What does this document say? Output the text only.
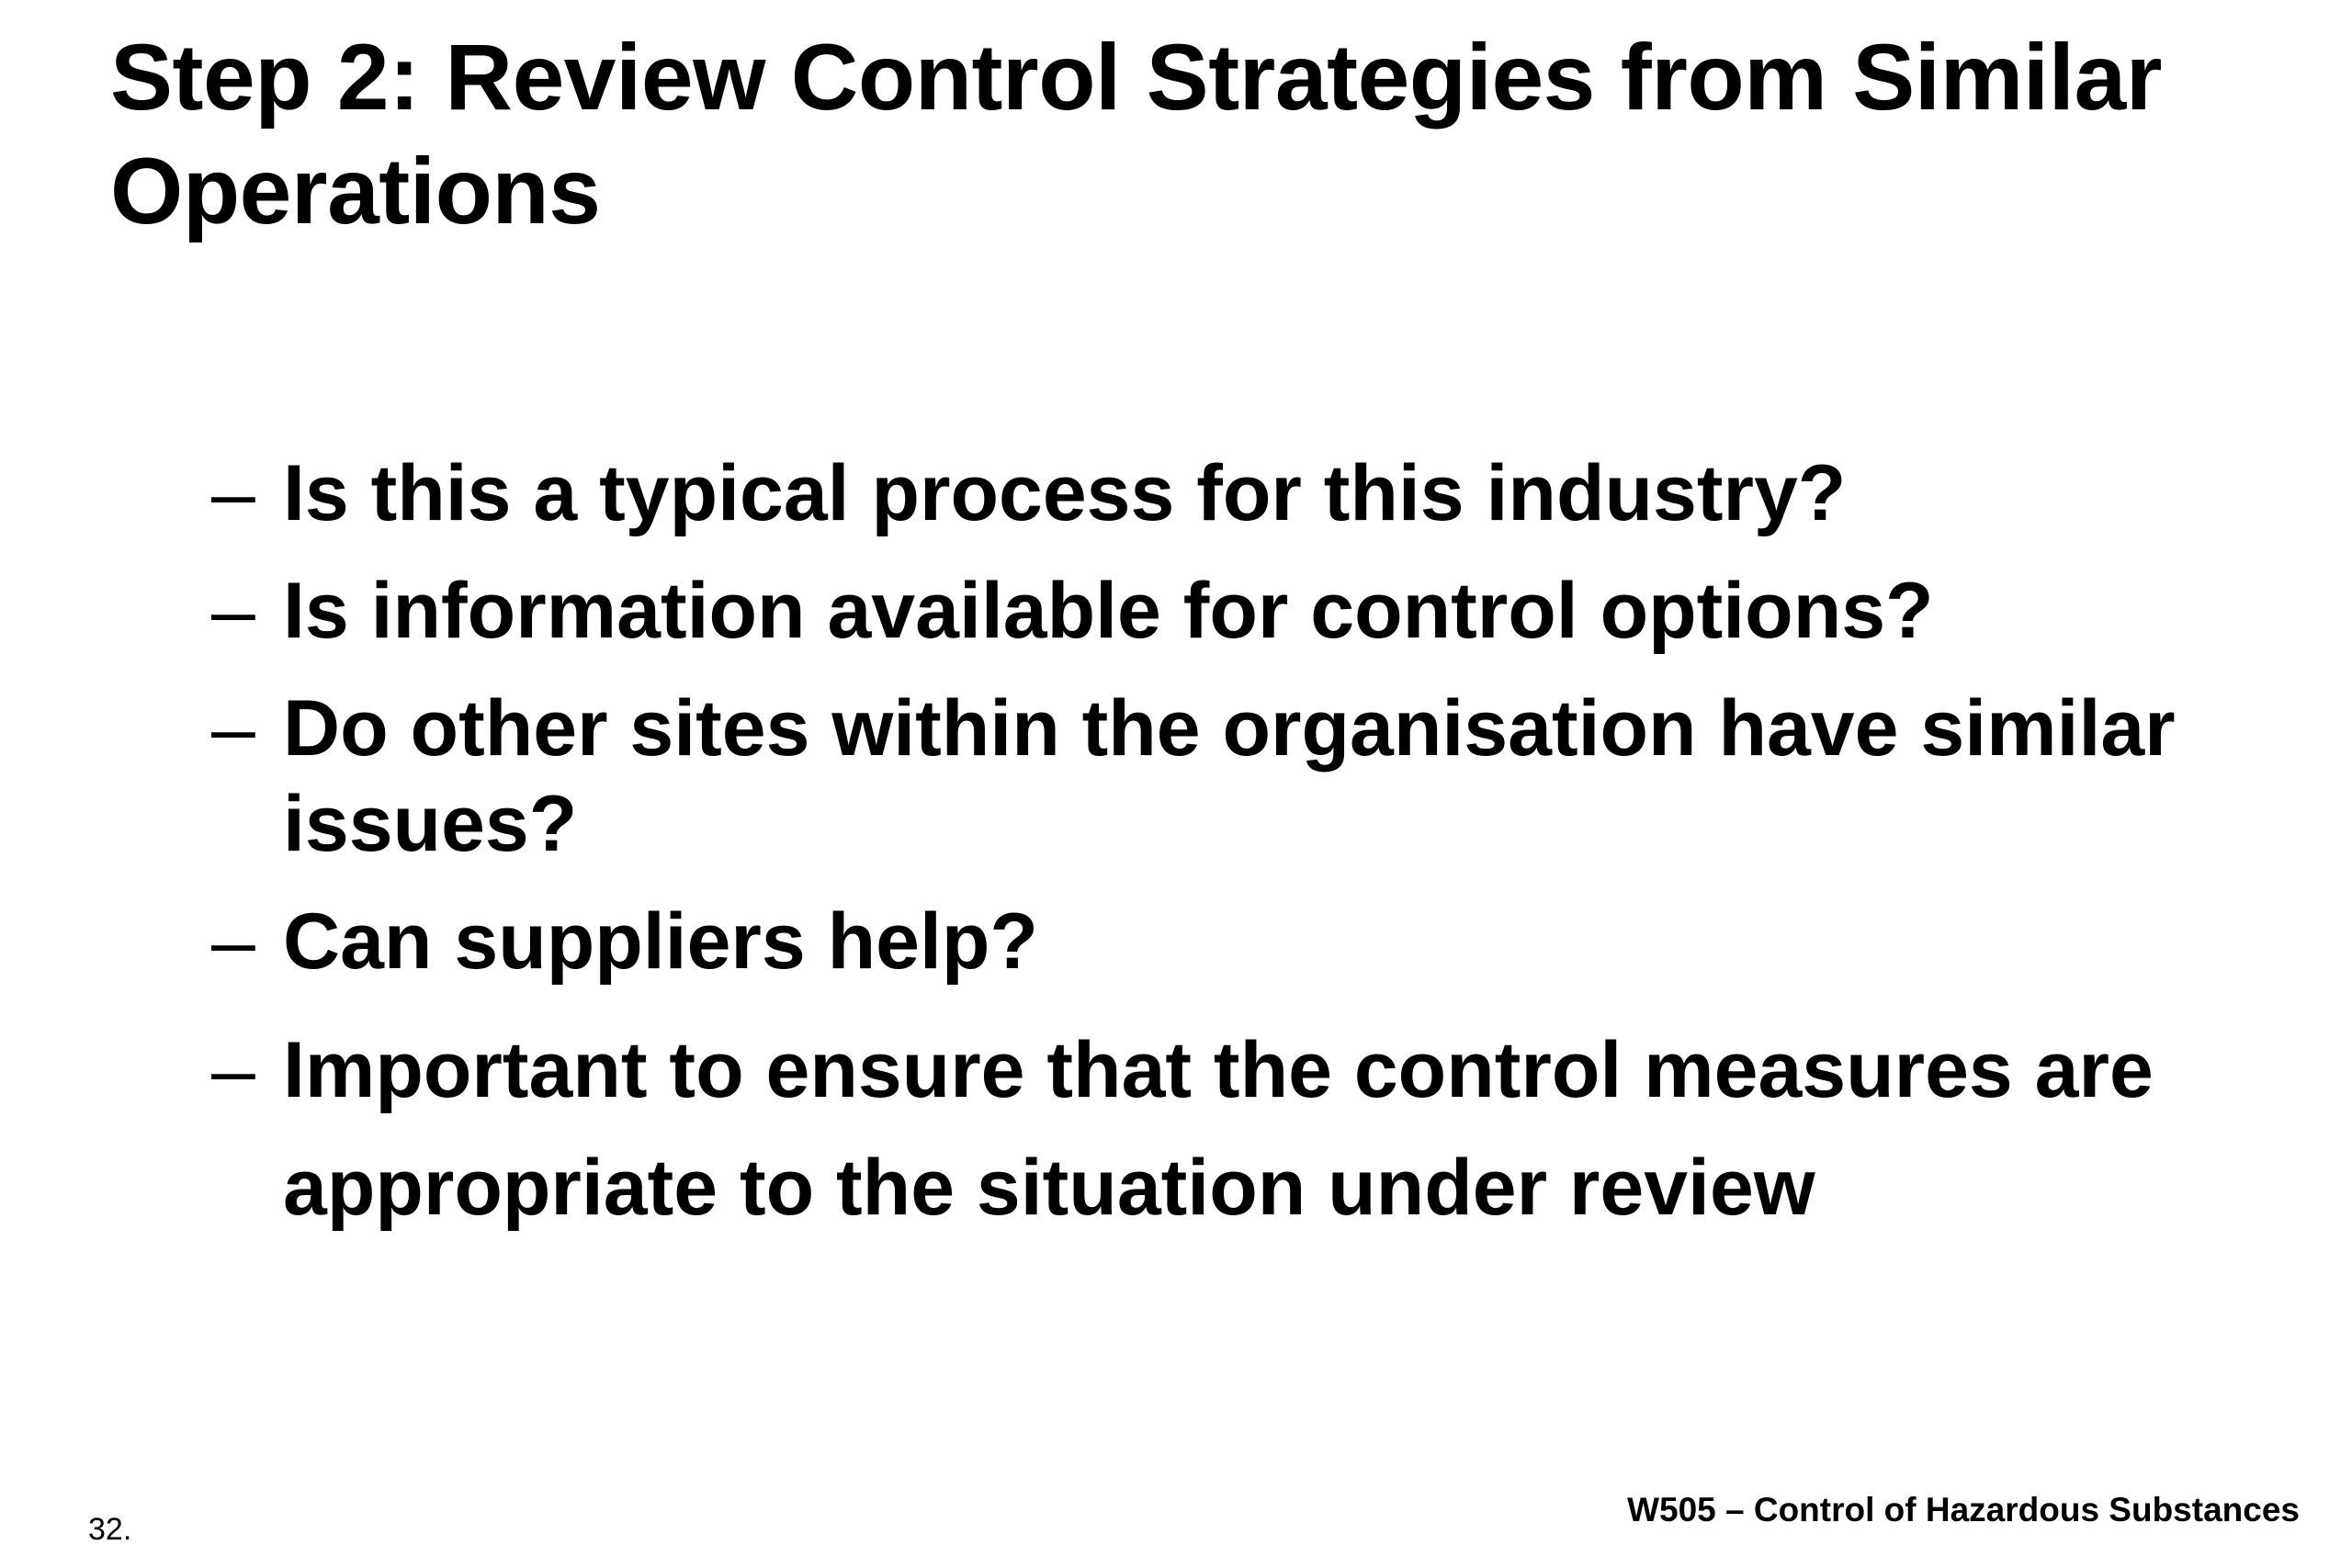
Step 2: Review Control Strategies from Similar Operations
– Is this a typical process for this industry?
– Is information available for control options?
– Do other sites within the organisation have similar issues?
– Can suppliers help?
– Important to ensure that the control measures are appropriate to the situation under review
32.
W505 – Control of Hazardous Substances
